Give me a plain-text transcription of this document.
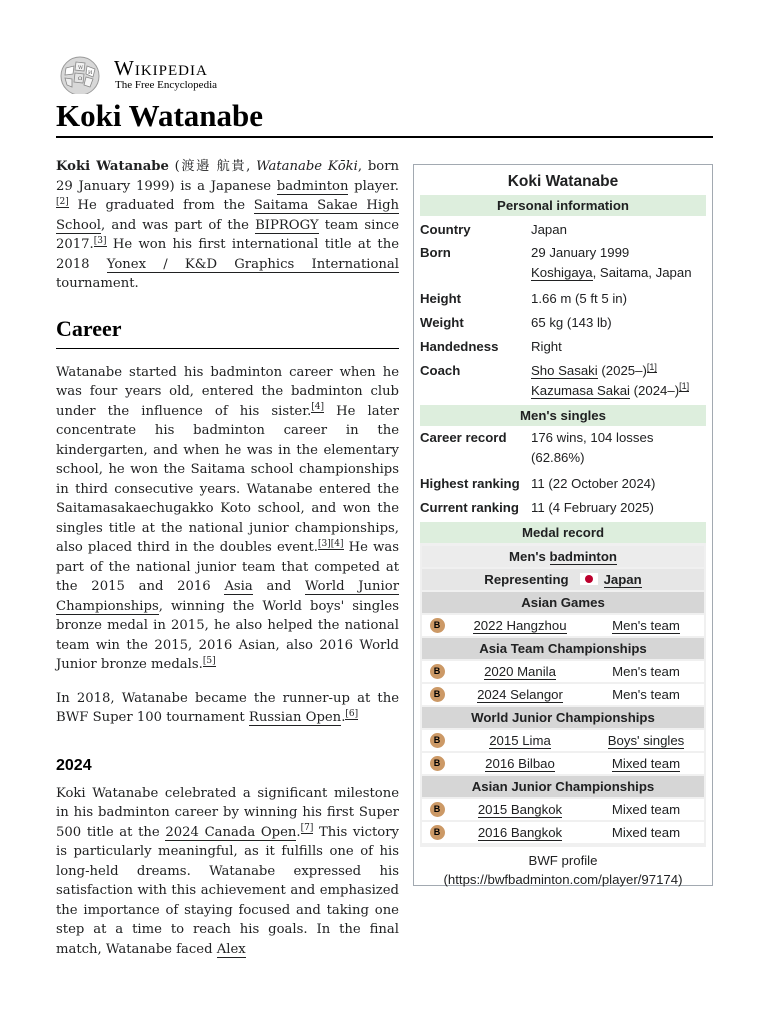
W
Ω
И Wikipedia
The Free Encyclopedia
Koki Watanabe

Koki Watanabe (渡邉 航貴, Watanabe Kōki, born 29 January 1999) is a Japanese badminton player.[2] He graduated from the Saitama Sakae High School, and was part of the BIPROGY team since 2017.[3] He won his first international title at the 2018 Yonex / K&D Graphics International tournament.

Career

Watanabe started his badminton career when he was four years old, entered the badminton club under the influence of his sister.[4] He later concentrate his badminton career in the kindergarten, and when he was in the elementary school, he won the Saitama school championships in third consecutive years. Watanabe entered the Saitamasakaechugakko Koto school, and won the singles title at the national junior championships, also placed third in the doubles event.[3][4] He was part of the national junior team that competed at the 2015 and 2016 Asia and World Junior Championships, winning the World boys' singles bronze medal in 2015, he also helped the national team win the 2015, 2016 Asian, also 2016 World Junior bronze medals.[5]

In 2018, Watanabe became the runner-up at the BWF Super 100 tournament Russian Open.[6]

2024

Koki Watanabe celebrated a significant milestone in his badminton career by winning his first Super 500 title at the 2024 Canada Open.[7] This victory is particularly meaningful, as it fulfills one of his long-held dreams. Watanabe expressed his satisfaction with this achievement and emphasized the importance of staying focused and taking one step at a time to reach his goals. In the final match, Watanabe faced Alex

Koki Watanabe
Personal information
Country	Japan
Born	29 January 1999
Koshigaya, Saitama, Japan
Height	1.66 m (5 ft 5 in)
Weight	65 kg (143 lb)
Handedness	Right
Coach	Sho Sasaki (2025–)[1]
Kazumasa Sakai (2024–)[1]
Men's singles
Career record	176 wins, 104 losses (62.86%)
Highest ranking 11 (22 October 2024)
Current ranking 11 (4 February 2025)
Medal record
Men's badminton
Representing	Japan
Asian Games
B	2022 Hangzhou	Men's team
Asia Team Championships
B	2020 Manila	Men's team
B	2024 Selangor	Men's team
World Junior Championships
B	2015 Lima	Boys' singles
B	2016 Bilbao	Mixed team
Asian Junior Championships
B	2015 Bangkok	Mixed team
B	2016 Bangkok	Mixed team
BWF profile (https://bwfbadminton.com/player/97174)
